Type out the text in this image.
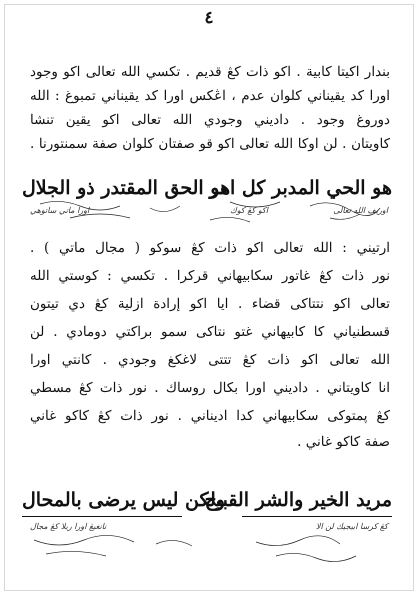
٤
بندار اكيتا كابية . اكو ذات كڠ قديم . تكسي الله تعالى اكو وجود
اورا كد يقيناني كلوان عدم ، اڠكس اورا كد يقيناني تمبوغ : الله
دوروغ وجود . داديني وجودي الله تعالى اكو يقين تنشا
كاويتان . لن اوكا الله تعالى اكو قو صفتان كلوان صفة سمنتورنا .
هو الحي المدبر كل امر
هو الحق المقتدر ذو الجلال
اوريف الله تعالى
اكو كڠ كوك
اورا ماتي ساتوهي
ارتيني : الله تعالى اكو ذات كڠ سوكو ( مجال ماتي ) .
نور ذات كڠ غاتور سكابيهاني قركرا . تكسي : كوستي الله
تعالى اكو نتتاكى قضاء . ايا اكو إرادة ازلية كڠ دي تيتون
قسطنياني كا كابيهاني غتو نتاكى سمو براكتي دومادي . لن
الله تعالى اكو ذات كڠ تتتى لاغكغ وجودي . كانتي اورا
انا كاويتاني . داديني اورا بكال روساك . نور ذات كڠ مسطي
كڠ ڽمتوكى سكابيهاني كدا اديناني . نور ذات كڠ كاكو غاني
صفة كاكو غاني .
مريد الخير والشر القبيح
ولكن ليس يرضى بالمحال
كڠ كرسا ابيجيك لن الا
نانغيڠ اورا ريلا كڠ مجال
